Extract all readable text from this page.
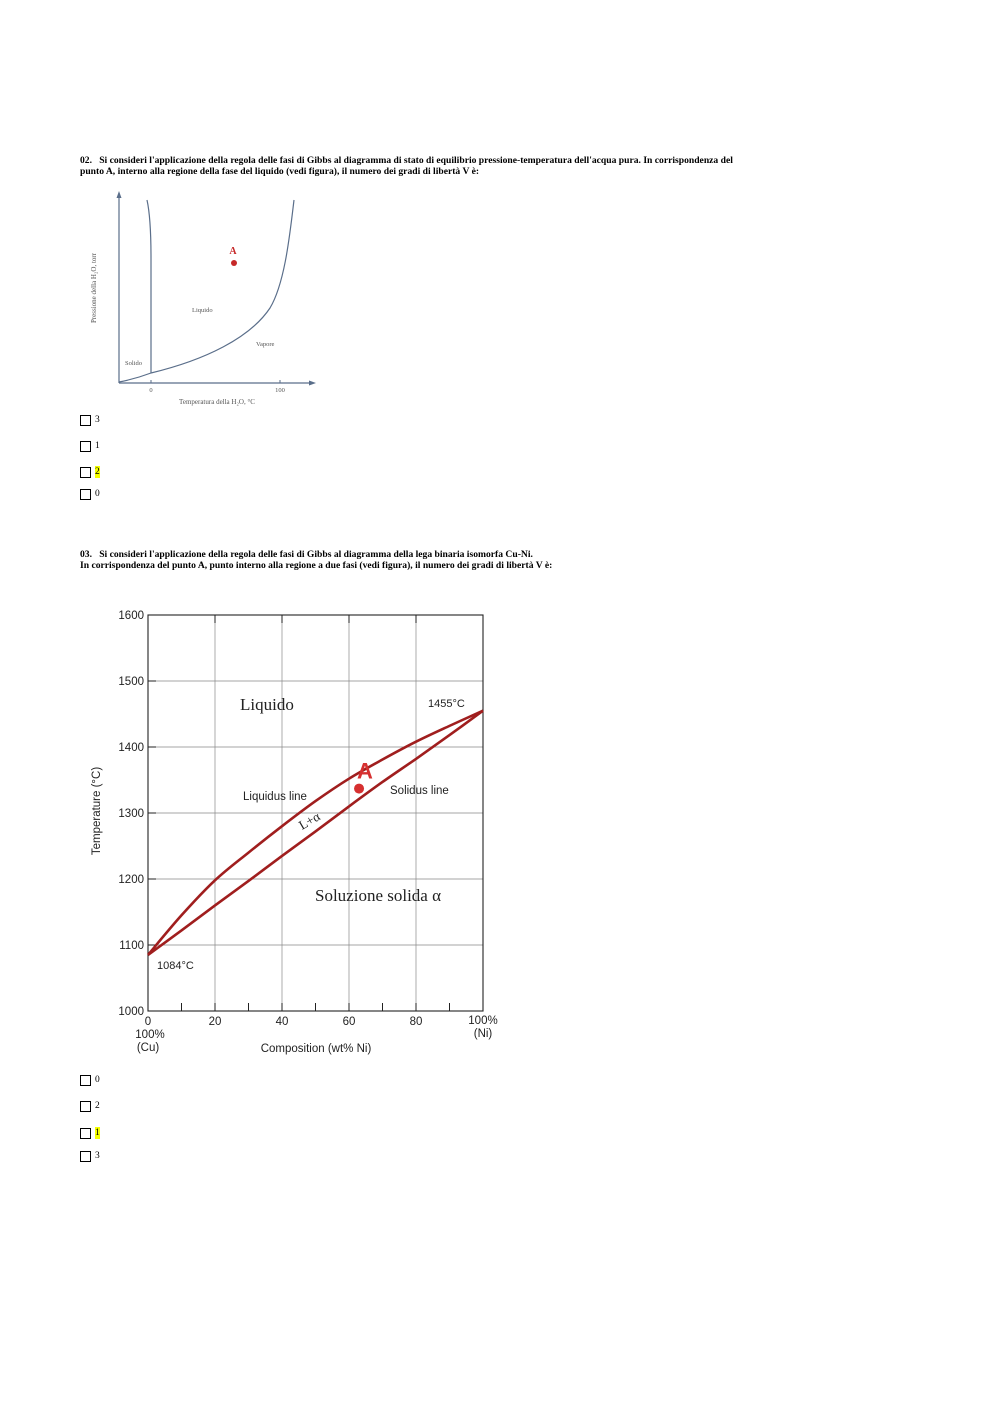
02. Si consideri l'applicazione della regola delle fasi di Gibbs al diagramma di stato di equilibrio pressione-temperatura dell'acqua pura. In corrispondenza del
punto A, interno alla regione della fase del liquido (vedi figura), il numero dei gradi di libertà V è:
A
Solido
Liquido
Vapore
0	100
Temperatura della H₂O, °C
Pressione della H₂O, torr
3
1
2
0
03. Si consideri l'applicazione della regola delle fasi di Gibbs al diagramma della lega binaria isomorfa Cu-Ni.
In corrispondenza del punto A, punto interno alla regione a due fasi (vedi figura), il numero dei gradi di libertà V è:
0	20	40	60	80
1000
1100
1200
1300
1400
1500
1600
A
Liquido	1455°C
Liquidus line	Solidus line
L+α
Soluzione solida α
1084°C
100%
(Cu)
100%
(Ni)
Composition (wt% Ni)
Temperature (°C)
0
2
1
3
